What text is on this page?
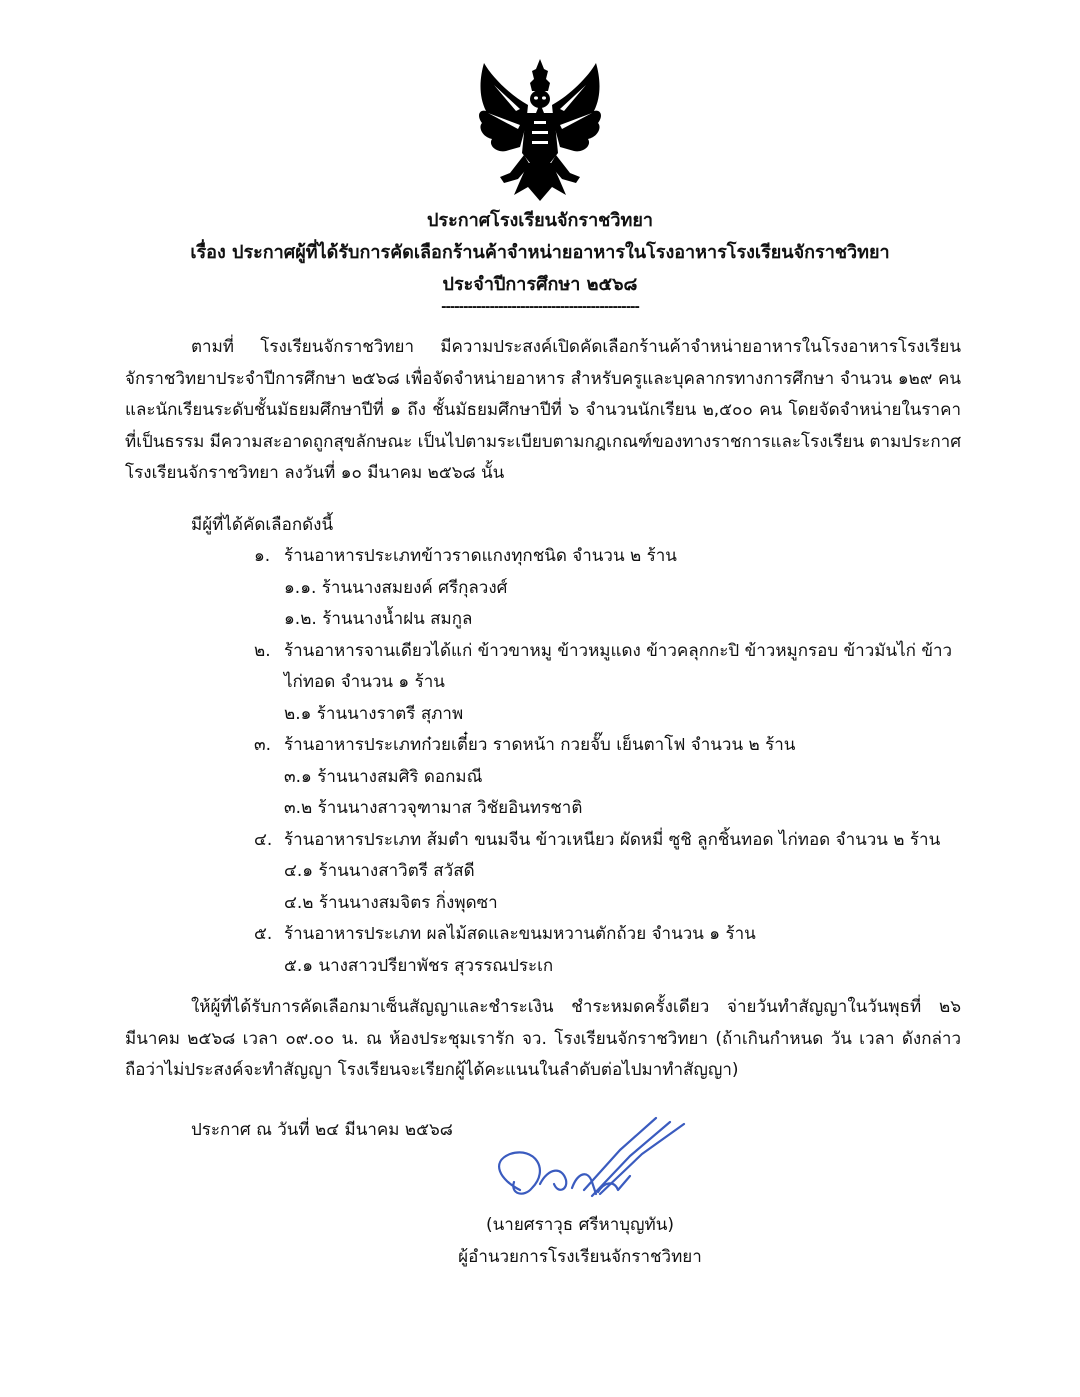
ประกาศโรงเรียนจักราชวิทยา
เรื่อง ประกาศผู้ที่ได้รับการคัดเลือกร้านค้าจำหน่ายอาหารในโรงอาหารโรงเรียนจักราชวิทยา
ประจำปีการศึกษา ๒๕๖๘
---------------------------------------------
ตามที่ โรงเรียนจักราชวิทยา มีความประสงค์เปิดคัดเลือกร้านค้าจำหน่ายอาหารในโรงอาหารโรงเรียนจักราชวิทยาประจำปีการศึกษา ๒๕๖๘ เพื่อจัดจำหน่ายอาหาร สำหรับครูและบุคลากรทางการศึกษา จำนวน ๑๒๙ คน และนักเรียนระดับชั้นมัธยมศึกษาปีที่ ๑ ถึง ชั้นมัธยมศึกษาปีที่ ๖ จำนวนนักเรียน ๒,๕๐๐ คน โดยจัดจำหน่ายในราคาที่เป็นธรรม มีความสะอาดถูกสุขลักษณะ เป็นไปตามระเบียบตามกฎเกณฑ์ของทางราชการและโรงเรียน ตามประกาศโรงเรียนจักราชวิทยา ลงวันที่ ๑๐ มีนาคม ๒๕๖๘ นั้น
มีผู้ที่ได้คัดเลือกดังนี้
๑. ร้านอาหารประเภทข้าวราดแกงทุกชนิด จำนวน ๒ ร้าน
๑.๑. ร้านนางสมยงค์ ศรีกุลวงศ์
๑.๒. ร้านนางน้ำฝน สมกูล
๒. ร้านอาหารจานเดียวได้แก่ ข้าวขาหมู ข้าวหมูแดง ข้าวคลุกกะปิ ข้าวหมูกรอบ ข้าวมันไก่ ข้าว
ไก่ทอด จำนวน ๑ ร้าน
๒.๑ ร้านนางราตรี สุภาพ
๓. ร้านอาหารประเภทก๋วยเตี๋ยว ราดหน้า กวยจั๊บ เย็นตาโฟ จำนวน ๒ ร้าน
๓.๑ ร้านนางสมศิริ ดอกมณี
๓.๒ ร้านนางสาวจุฑามาส วิชัยอินทรชาติ
๔. ร้านอาหารประเภท ส้มตำ ขนมจีน ข้าวเหนียว ผัดหมี่ ซูชิ ลูกชิ้นทอด ไก่ทอด จำนวน ๒ ร้าน
๔.๑ ร้านนางสาวิตรี สวัสดี
๔.๒ ร้านนางสมจิตร กิ่งพุดซา
๕. ร้านอาหารประเภท ผลไม้สดและขนมหวานตักถ้วย จำนวน ๑ ร้าน
๕.๑ นางสาวปรียาพัชร สุวรรณประเก
ให้ผู้ที่ได้รับการคัดเลือกมาเซ็นสัญญาและชำระเงิน ชำระหมดครั้งเดียว จ่ายวันทำสัญญาในวันพุธที่ ๒๖ มีนาคม ๒๕๖๘ เวลา ๐๙.๐๐ น. ณ ห้องประชุมเรารัก จว. โรงเรียนจักราชวิทยา (ถ้าเกินกำหนด วัน เวลา ดังกล่าว ถือว่าไม่ประสงค์จะทำสัญญา โรงเรียนจะเรียกผู้ได้คะแนนในลำดับต่อไปมาทำสัญญา)
ประกาศ ณ วันที่ ๒๔ มีนาคม ๒๕๖๘
(นายศราวุธ ศรีหาบุญทัน)
ผู้อำนวยการโรงเรียนจักราชวิทยา
